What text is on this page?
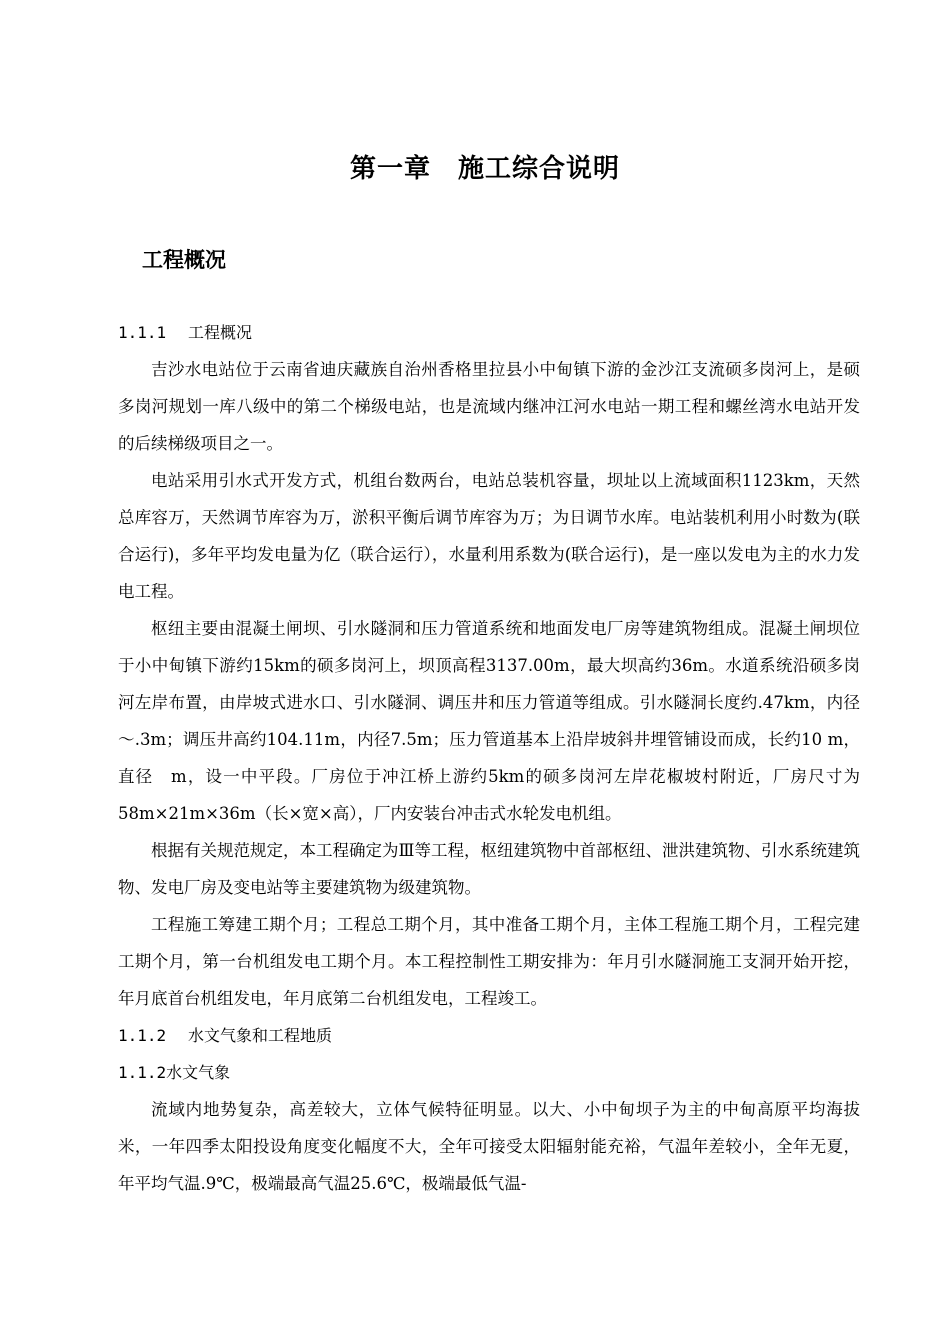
第一章　施工综合说明
工程概况

1.1.1 工程概况

吉沙水电站位于云南省迪庆藏族自治州香格里拉县小中甸镇下游的金沙江支流硕多岗河上，是硕多岗河规划一库八级中的第二个梯级电站，也是流域内继冲江河水电站一期工程和螺丝湾水电站开发的后续梯级项目之一。

电站采用引水式开发方式，机组台数两台，电站总装机容量，坝址以上流域面积1123km，天然总库容万，天然调节库容为万，淤积平衡后调节库容为万；为日调节水库。电站装机利用小时数为(联合运行)，多年平均发电量为亿（联合运行），水量利用系数为(联合运行)，是一座以发电为主的水力发电工程。

枢纽主要由混凝土闸坝、引水隧洞和压力管道系统和地面发电厂房等建筑物组成。混凝土闸坝位于小中甸镇下游约15km的硕多岗河上，坝顶高程3137.00m，最大坝高约36m。水道系统沿硕多岗河左岸布置，由岸坡式进水口、引水隧洞、调压井和压力管道等组成。引水隧洞长度约.47km，内径～.3m；调压井高约104.11m，内径7.5m；压力管道基本上沿岸坡斜井埋管铺设而成，长约10 m，直径　m，设一中平段。厂房位于冲江桥上游约5km的硕多岗河左岸花椒坡村附近，厂房尺寸为58m×21m×36m（长×宽×高），厂内安装台冲击式水轮发电机组。

根据有关规范规定，本工程确定为Ⅲ等工程，枢纽建筑物中首部枢纽、泄洪建筑物、引水系统建筑物、发电厂房及变电站等主要建筑物为级建筑物。

工程施工筹建工期个月；工程总工期个月，其中准备工期个月，主体工程施工期个月，工程完建工期个月，第一台机组发电工期个月。本工程控制性工期安排为：年月引水隧洞施工支洞开始开挖，年月底首台机组发电，年月底第二台机组发电，工程竣工。

1.1.2 水文气象和工程地质

1.1.2水文气象

流域内地势复杂，高差较大，立体气候特征明显。以大、小中甸坝子为主的中甸高原平均海拔米，一年四季太阳投设角度变化幅度不大，全年可接受太阳辐射能充裕，气温年差较小，全年无夏，年平均气温.9℃，极端最高气温25.6℃，极端最低气温-
